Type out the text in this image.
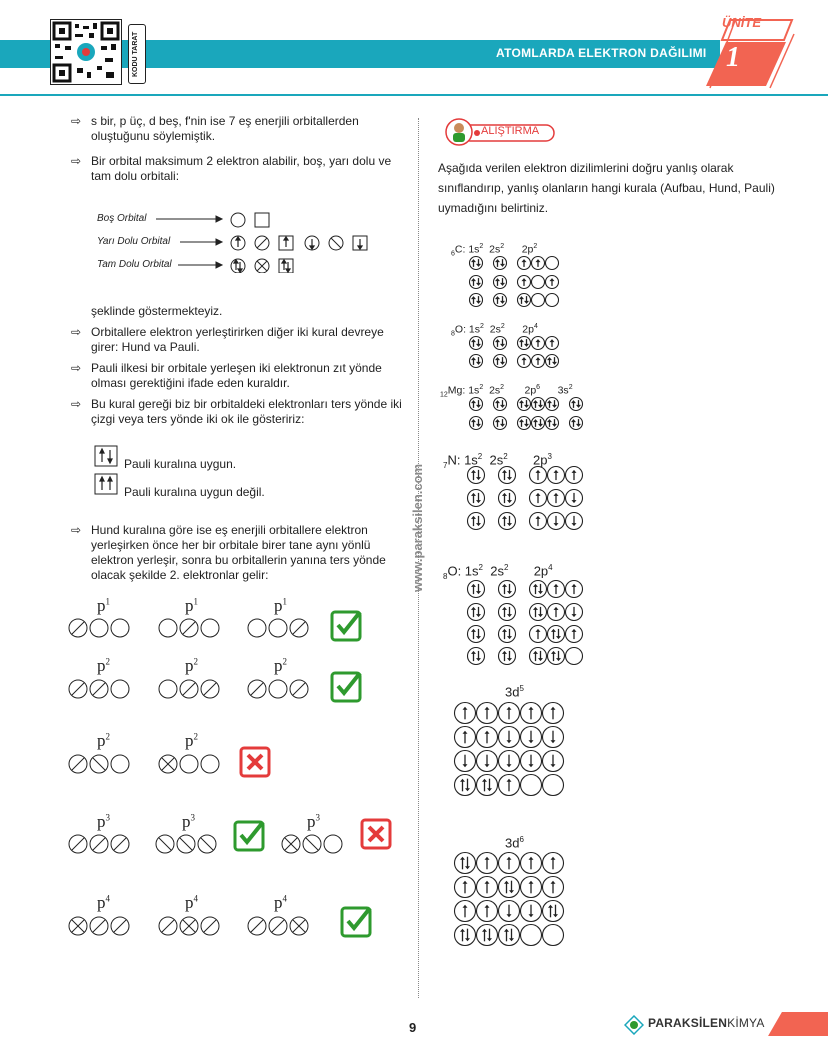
ATOMLARDA ELEKTRON DAĞILIMI
KODU TARAT
ÜNİTE
1
www.paraksilen.com
⇨ s bir, p üç, d beş, f'nin ise 7 eş enerjili orbitallerden oluştuğunu söylemiştik.
⇨ Bir orbital maksimum 2 elektron alabilir, boş, yarı dolu ve tam dolu orbitali:
Boş Orbital
Yarı Dolu Orbital
Tam Dolu Orbital
şeklinde göstermekteyiz.
⇨ Orbitallere elektron yerleştirirken diğer iki kural devreye girer: Hund va Pauli.
⇨ Pauli ilkesi bir orbitale yerleşen iki elektronun zıt yönde olması gerektiğini ifade eden kuraldır.
⇨ Bu kural gereği biz bir orbitaldeki elektronları ters yönde iki çizgi veya ters yönde iki ok ile gösteririz:
Pauli kuralına uygun.
Pauli kuralına uygun değil.
⇨ Hund kuralına göre ise eş enerjili orbitallere elektron yerleşirken önce her bir orbitale birer tane aynı yönlü elektron yerleşir, sonra bu orbitallerin yanına ters yönde olacak şekilde 2. elektronlar gelir:
$p^1$	$p^1$	$p^1$
$p^2$	$p^2$	$p^2$
$p^2$	$p^2$
$p^3$	$p^3$	$p^3$
$p^4$	$p^4$	$p^4$
ALIŞTIRMA
Aşağıda verilen elektron dizilimlerini doğru yanlış olarak sınıflandırıp, yanlış olanların hangi kurala (Aufbau, Hund, Pauli) uymadığını belirtiniz.
$_6$C: $1s^2$ $2s^2$ $2p^2$
$_8$O: $1s^2$ $2s^2$ $2p^4$
$_{12}$Mg: $1s^2$ $2s^2$ $2p^6$ $3s^2$
$_7$N: $1s^2$ $2s^2$ $2p^3$
$_8$O: $1s^2$ $2s^2$ $2p^4$
$3d^5$
$3d^6$
9	PARAKSİLENKİMYA
